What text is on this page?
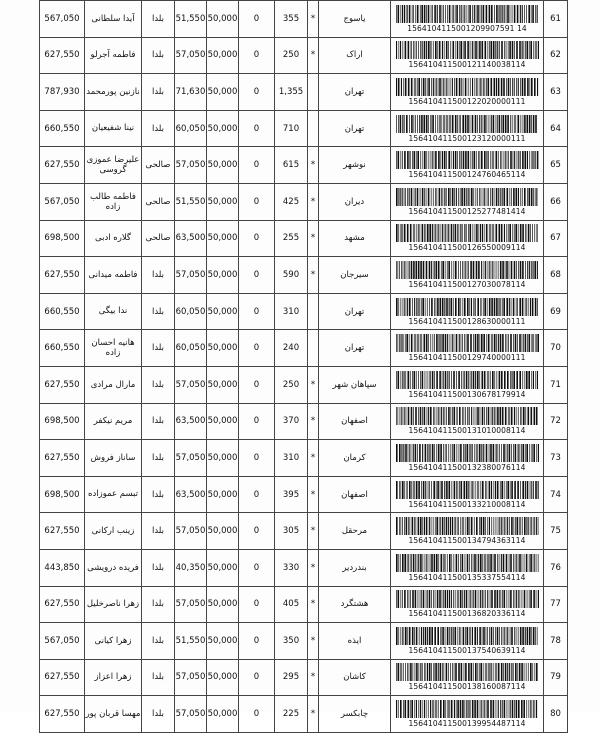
567,050	آیدا سلطانی	بلدا	51,550	50,000	0	355	*	یاسوج	1564104115001209907591 14	61
627,550	فاطمه آجرلو	بلدا	57,050	50,000	0	250	*	اراک	156410411500121140038114	62
787,930	نازنین پورمحمد	بلدا	71,630	50,000	0	1,355		تهران	156410411500122020000111	63
660,550	نینا شفیعیان	بلدا	60,050	50,000	0	710		تهران	156410411500123120000111	64
627,550	علیرضا عموزی گروسی	صالحی	57,050	50,000	0	615	*	نوشهر	156410411500124760465114	65
567,050	فاطمه طالب زاده	صالحی	51,550	50,000	0	425	*	دیران	156410411500125277481414	66
698,500	گلاره ادبی	صالحی	63,500	50,000	0	255	*	مشهد	156410411500126550009114	67
627,550	فاطمه میدانی	بلدا	57,050	50,000	0	590	*	سیرجان	156410411500127030078114	68
660,550	ندا بیگی	بلدا	60,050	50,000	0	310		تهران	156410411500128630000111	69
660,550	هانیه احسان زاده	بلدا	60,050	50,000	0	240		تهران	156410411500129740000111	70
627,550	مارال مرادی	بلدا	57,050	50,000	0	250	*	سپاهان شهر	156410411500130678179914	71
698,500	مریم نیکفر	بلدا	63,500	50,000	0	370	*	اصفهان	156410411500131010008114	72
627,550	ساناز فروش	بلدا	57,050	50,000	0	310	*	کرمان	156410411500132380076114	73
698,500	تبسم عموزاده	بلدا	63,500	50,000	0	395	*	اصفهان	156410411500133210008114	74
627,550	زینب ارکانی	بلدا	57,050	50,000	0	305	*	مرحقل	156410411500134794363114	75
443,850	فریده درویشی	بلدا	40,350	50,000	0	330	*	بندردیر	156410411500135337554114	76
627,550	زهرا ناصرخلیل	بلدا	57,050	50,000	0	405	*	هشتگرد	156410411500136820336114	77
567,050	زهرا کیانی	بلدا	51,550	50,000	0	350	*	ایذه	156410411500137540639114	78
627,550	زهرا اعزاز	بلدا	57,050	50,000	0	295	*	کاشان	156410411500138160087114	79
627,550	مهسا قربان پور	بلدا	57,050	50,000	0	225	*	چابکسر	156410411500139954487114	80
